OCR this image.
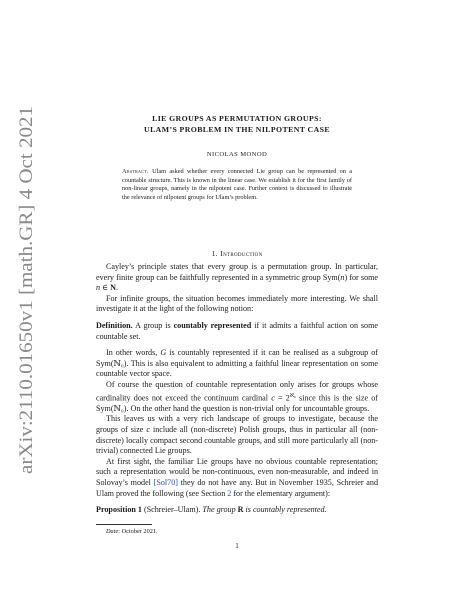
arXiv:2110.01650v1 [math.GR] 4 Oct 2021
LIE GROUPS AS PERMUTATION GROUPS:
ULAM’S PROBLEM IN THE NILPOTENT CASE
NICOLAS MONOD
Abstract. Ulam asked whether every connected Lie group can be represented on a countable structure. This is known in the linear case. We establish it for the first family of non-linear groups, namely in the nilpotent case. Further context is discussed to illustrate the relevance of nilpotent groups for Ulam’s problem.
1. Introduction

Cayley’s principle states that every group is a permutation group. In particular, every finite group can be faithfully represented in a symmetric group Sym(n) for some n ∈ N.

For infinite groups, the situation becomes immediately more interesting. We shall investigate it at the light of the following notion:

Definition. A group is countably represented if it admits a faithful action on some countable set.

In other words, G is countably represented if it can be realised as a subgroup of Sym(ℕ₀). This is also equivalent to admitting a faithful linear representation on some countable vector space.

Of course the question of countable representation only arises for groups whose cardinality does not exceed the continuum cardinal $c = 2^{ℵ_0}$ since this is the size of Sym(ℕ₀). On the other hand the question is non-trivial only for uncountable groups.

This leaves us with a very rich landscape of groups to investigate, because the groups of size c include all (non-discrete) Polish groups, thus in particular all (non-discrete) locally compact second countable groups, and still more particularly all (non-trivial) connected Lie groups.

At first sight, the familiar Lie groups have no obvious countable representation; such a representation would be non-continuous, even non-measurable, and indeed in Solovay’s model [Sol70] they do not have any. But in November 1935, Schreier and Ulam proved the following (see Section 2 for the elementary argument):

Proposition 1 (Schreier–Ulam). The group R is countably represented.

Date: October 2021.
1
